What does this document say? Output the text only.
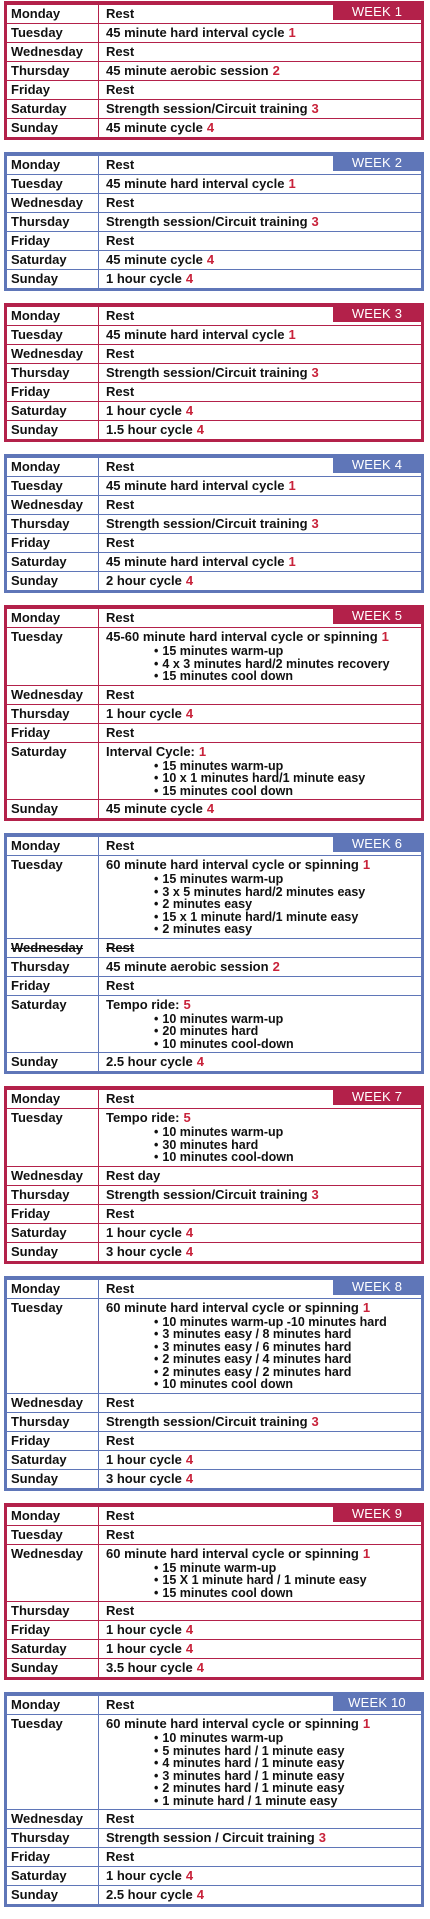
WEEK 1
Monday	Rest
Tuesday	45 minute hard interval cycle 1
Wednesday	Rest
Thursday	45 minute aerobic session 2
Friday	Rest
Saturday	Strength session/Circuit training 3
Sunday	45 minute cycle 4
WEEK 2
Monday	Rest
Tuesday	45 minute hard interval cycle 1
Wednesday	Rest
Thursday	Strength session/Circuit training 3
Friday	Rest
Saturday	45 minute cycle 4
Sunday	1 hour cycle 4
WEEK 3
Monday	Rest
Tuesday	45 minute hard interval cycle 1
Wednesday	Rest
Thursday	Strength session/Circuit training 3
Friday	Rest
Saturday	1 hour cycle 4
Sunday	1.5 hour cycle 4
WEEK 4
Monday	Rest
Tuesday	45 minute hard interval cycle 1
Wednesday	Rest
Thursday	Strength session/Circuit training 3
Friday	Rest
Saturday	45 minute hard interval cycle 1
Sunday	2 hour cycle 4
WEEK 5
Monday	Rest
Tuesday	45-60 minute hard interval cycle or spinning 1
• 15 minutes warm-up
• 4 x 3 minutes hard/2 minutes recovery
• 15 minutes cool down
Wednesday	Rest
Thursday	1 hour cycle 4
Friday	Rest
Saturday	Interval Cycle: 1
• 15 minutes warm-up
• 10 x 1 minutes hard/1 minute easy
• 15 minutes cool down
Sunday	45 minute cycle 4
WEEK 6
Monday	Rest
Tuesday	60 minute hard interval cycle or spinning 1
• 15 minutes warm-up
• 3 x 5 minutes hard/2 minutes easy
• 2 minutes easy
• 15 x 1 minute hard/1 minute easy
• 2 minutes easy
Wednesday	Rest
Thursday	45 minute aerobic session 2
Friday	Rest
Saturday	Tempo ride: 5
• 10 minutes warm-up
• 20 minutes hard
• 10 minutes cool-down
Sunday	2.5 hour cycle 4
WEEK 7
Monday	Rest
Tuesday	Tempo ride: 5
• 10 minutes warm-up
• 30 minutes hard
• 10 minutes cool-down
Wednesday	Rest day
Thursday	Strength session/Circuit training 3
Friday	Rest
Saturday	1 hour cycle 4
Sunday	3 hour cycle 4
WEEK 8
Monday	Rest
Tuesday	60 minute hard interval cycle or spinning 1
• 10 minutes warm-up -10 minutes hard
• 3 minutes easy / 8 minutes hard
• 3 minutes easy / 6 minutes hard
• 2 minutes easy / 4 minutes hard
• 2 minutes easy / 2 minutes hard
• 10 minutes cool down
Wednesday	Rest
Thursday	Strength session/Circuit training 3
Friday	Rest
Saturday	1 hour cycle 4
Sunday	3 hour cycle 4
WEEK 9
Monday	Rest
Tuesday	Rest
Wednesday	60 minute hard interval cycle or spinning 1
• 15 minute warm-up
• 15 X 1 minute hard / 1 minute easy
• 15 minutes cool down
Thursday	Rest
Friday	1 hour cycle 4
Saturday	1 hour cycle 4
Sunday	3.5 hour cycle 4
WEEK 10
Monday	Rest
Tuesday	60 minute hard interval cycle or spinning 1
• 10 minutes warm-up
• 5 minutes hard / 1 minute easy
• 4 minutes hard / 1 minute easy
• 3 minutes hard / 1 minute easy
• 2 minutes hard / 1 minute easy
• 1 minute hard / 1 minute easy
Wednesday	Rest
Thursday	Strength session / Circuit training 3
Friday	Rest
Saturday	1 hour cycle 4
Sunday	2.5 hour cycle 4
